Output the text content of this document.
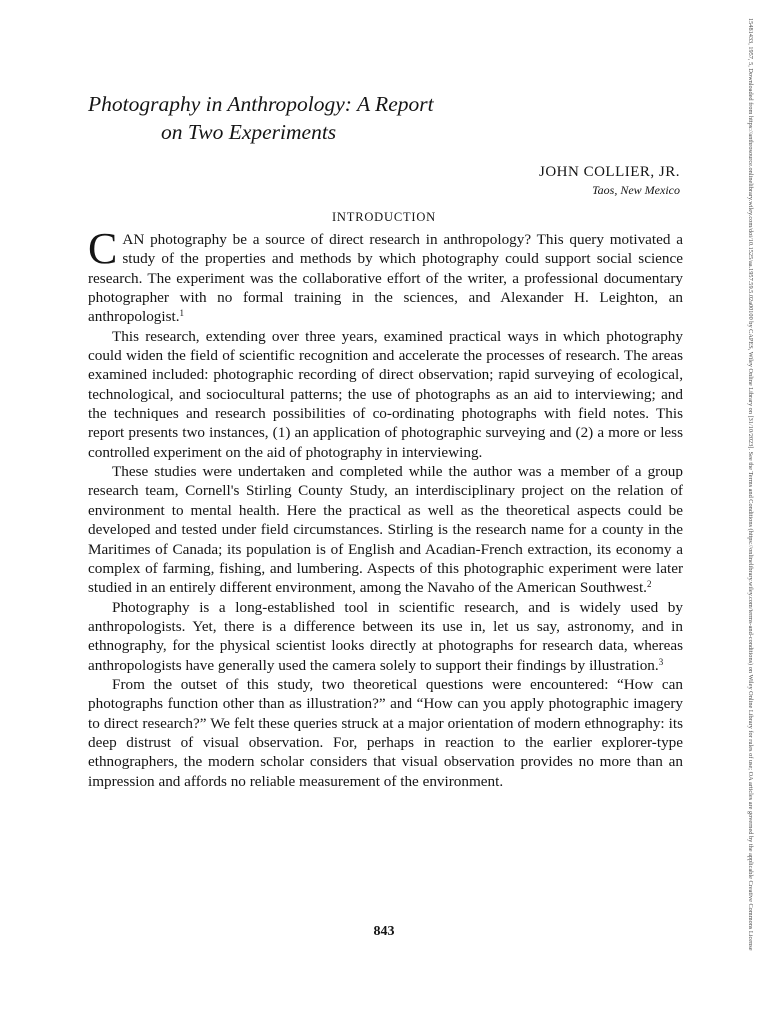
Photography in Anthropology: A Report
on Two Experiments
JOHN COLLIER, JR.
Taos, New Mexico
INTRODUCTION

CAN photography be a source of direct research in anthropology? This query motivated a study of the properties and methods by which photography could support social science research. The experiment was the collaborative effort of the writer, a professional documentary photographer with no formal training in the sciences, and Alexander H. Leighton, an anthropologist.$^1$

This research, extending over three years, examined practical ways in which photography could widen the field of scientific recognition and accelerate the processes of research. The areas examined included: photographic recording of direct observation; rapid surveying of ecological, technological, and sociocultural patterns; the use of photographs as an aid to interviewing; and the techniques and research possibilities of co-ordinating photographs with field notes. This report presents two instances, (1) an application of photographic surveying and (2) a more or less controlled experiment on the aid of photography in interviewing.

These studies were undertaken and completed while the author was a member of a group research team, Cornell's Stirling County Study, an interdisciplinary project on the relation of environment to mental health. Here the practical as well as the theoretical aspects could be developed and tested under field circumstances. Stirling is the research name for a county in the Maritimes of Canada; its population is of English and Acadian-French extraction, its economy a complex of farming, fishing, and lumbering. Aspects of this photographic experiment were later studied in an entirely different environment, among the Navaho of the American Southwest.$^2$

Photography is a long-established tool in scientific research, and is widely used by anthropologists. Yet, there is a difference between its use in, let us say, astronomy, and in ethnography, for the physical scientist looks directly at photographs for research data, whereas anthropologists have generally used the camera solely to support their findings by illustration.$^3$

From the outset of this study, two theoretical questions were encountered: “How can photographs function other than as illustration?” and “How can you apply photographic imagery to direct research?” We felt these queries struck at a major orientation of modern ethnography: its deep distrust of visual observation. For, perhaps in reaction to the earlier explorer-type ethnographers, the modern scholar considers that visual observation provides no more than an impression and affords no reliable measurement of the environment.

843	15481433, 1957, 5, Downloaded from https://anthrosource.onlinelibrary.wiley.com/doi/10.1525/aa.1957.59.5.02a00100 by CAPES, Wiley Online Library on [31/10/2023]. See the Terms and Conditions (https://onlinelibrary.wiley.com/terms-and-conditions) on Wiley Online Library for rules of use; OA articles are governed by the applicable Creative Commons License
